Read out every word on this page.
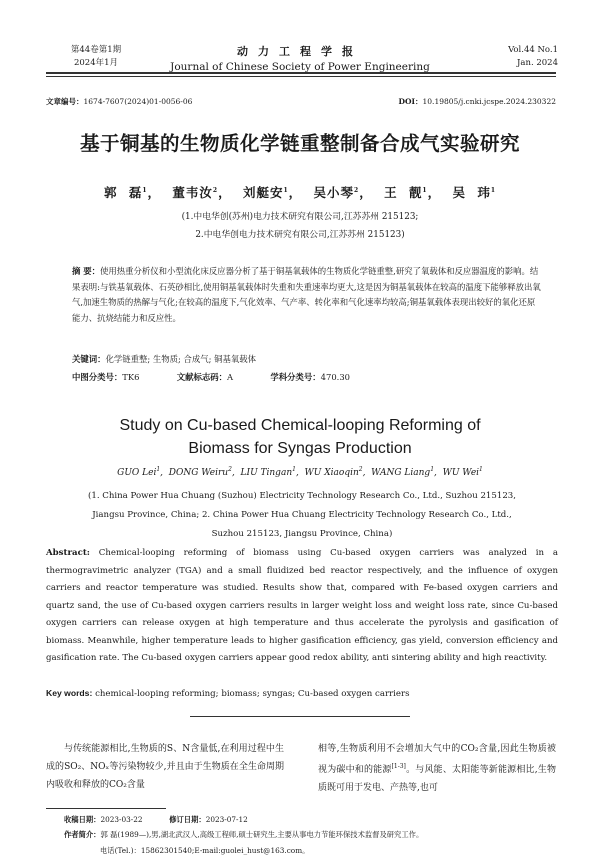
第44卷第1期
2024年1月
动力工程学报
Journal of Chinese Society of Power Engineering
Vol.44 No.1
Jan. 2024
文章编号：1674-7607(2024)01-0056-06	DOI：10.19805/j.cnki.jcspe.2024.230322
基于铜基的生物质化学链重整制备合成气实验研究
郭 磊$^1$， 董韦汝$^2$， 刘艇安$^1$， 吴小琴$^2$， 王 靓$^1$， 吴 玮$^1$
(1.中电华创(苏州)电力技术研究有限公司,江苏苏州 215123;
2.中电华创电力技术研究有限公司,江苏苏州 215123)
摘 要：使用热重分析仪和小型流化床反应器分析了基于铜基氧载体的生物质化学链重整,研究了氧载体和反应器温度的影响。结果表明:与铁基氧载体、石英砂相比,使用铜基氧载体时失重和失重速率均更大,这是因为铜基氧载体在较高的温度下能够释放出氧气,加速生物质的热解与气化;在较高的温度下,气化效率、气产率、转化率和气化速率均较高;铜基氧载体表现出较好的氧化还原能力、抗烧结能力和反应性。
关键词：化学链重整; 生物质; 合成气; 铜基氧载体
中图分类号：TK6	文献标志码：A	学科分类号：470.30
Study on Cu-based Chemical-looping Reforming of
Biomass for Syngas Production
GUO Lei$^1$,  DONG Weiru$^2$,  LIU Tingan$^1$,  WU Xiaoqin$^2$,  WANG Liang$^1$,  WU Wei$^1$
(1. China Power Hua Chuang (Suzhou) Electricity Technology Research Co., Ltd., Suzhou 215123,
Jiangsu Province, China; 2. China Power Hua Chuang Electricity Technology Research Co., Ltd.,
Suzhou 215123, Jiangsu Province, China)
Abstract: Chemical-looping reforming of biomass using Cu-based oxygen carriers was analyzed in a thermogravimetric analyzer (TGA) and a small fluidized bed reactor respectively, and the influence of oxygen carriers and reactor temperature was studied. Results show that, compared with Fe-based oxygen carriers and quartz sand, the use of Cu-based oxygen carriers results in larger weight loss and weight loss rate, since Cu-based oxygen carriers can release oxygen at high temperature and thus accelerate the pyrolysis and gasification of biomass. Meanwhile, higher temperature leads to higher gasification efficiency, gas yield, conversion efficiency and gasification rate. The Cu-based oxygen carriers appear good redox ability, anti sintering ability and high reactivity.
Key words: chemical-looping reforming; biomass; syngas; Cu-based oxygen carriers
与传统能源相比,生物质的S、N含量低,在利用过程中生成的SO₂、NOₓ等污染物较少,并且由于生物质在全生命周期内吸收和释放的CO₂含量
相等,生物质利用不会增加大气中的CO₂含量,因此生物质被视为碳中和的能源[1-3]。与风能、太阳能等新能源相比,生物质既可用于发电、产热等,也可
收稿日期：2023-03-22	修订日期：2023-07-12
作者简介：郭 磊(1989—),男,湖北武汉人,高级工程师,硕士研究生,主要从事电力节能环保技术监督及研究工作。
电话(Tel.)：15862301540;E-mail:guolei_hust@163.com。
